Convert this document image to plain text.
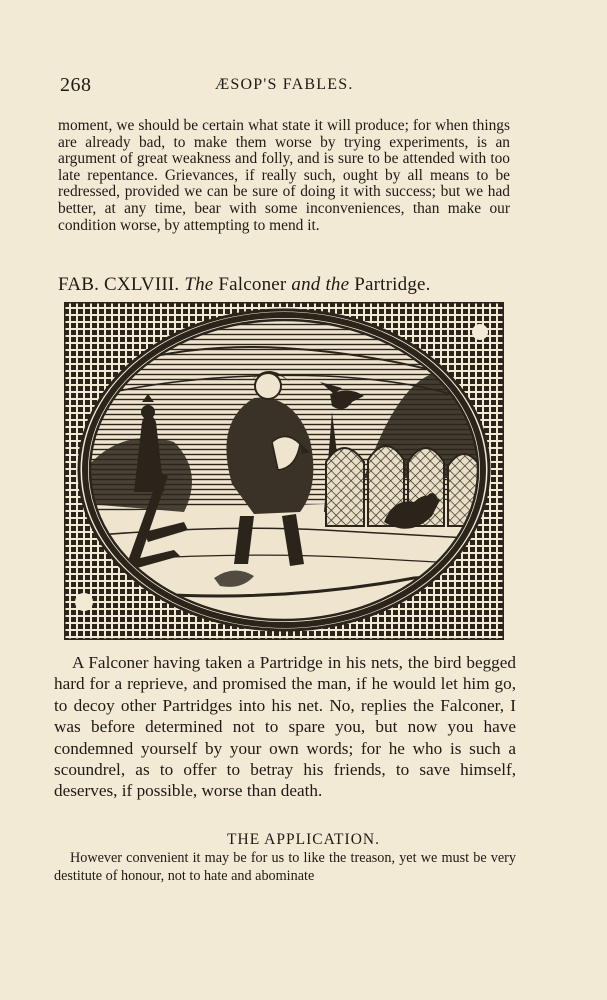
268	ÆSOP'S FABLES.

moment, we should be certain what state it will produce; for when things are already bad, to make them worse by trying experiments, is an argument of great weakness and folly, and is sure to be attended with too late repentance. Grievances, if really such, ought by all means to be redressed, provided we can be sure of doing it with success; but we had better, at any time, bear with some inconveniences, than make our condition worse, by attempting to mend it.

FAB. CXLVIII. The Falconer and the Partridge.

A Falconer having taken a Partridge in his nets, the bird begged hard for a reprieve, and promised the man, if he would let him go, to decoy other Partridges into his net. No, replies the Falconer, I was before determined not to spare you, but now you have condemned yourself by your own words; for he who is such a scoundrel, as to offer to betray his friends, to save himself, deserves, if possible, worse than death.

THE APPLICATION.

However convenient it may be for us to like the treason, yet we must be very destitute of honour, not to hate and abominate
